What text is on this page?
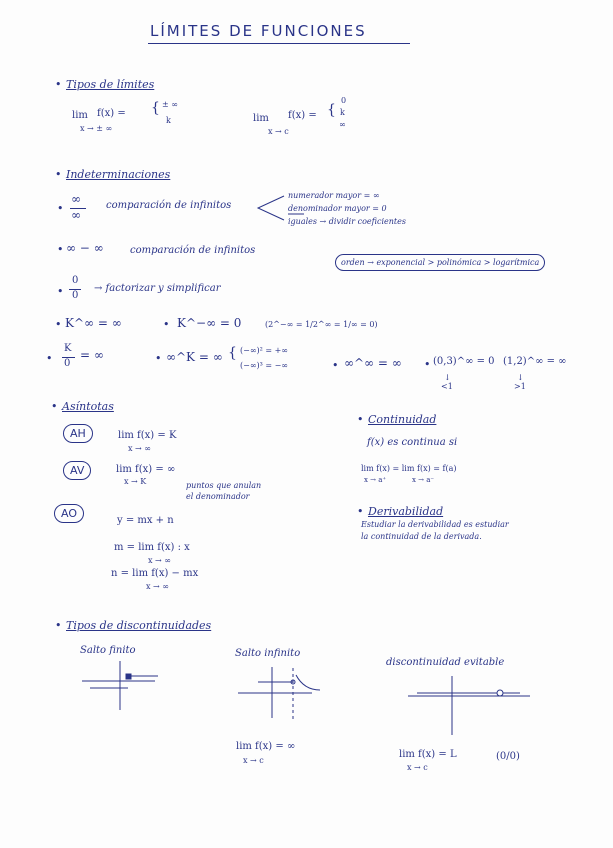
LÍMITES DE FUNCIONES
• Tipos de límites
lim f(x) =
x → ± ∞
{ ± ∞
k	lim f(x) =
x → c
{
0
k
∞
• Indeterminaciones
•
∞
∞
comparación de infinitos
numerador mayor = ∞
denominador mayor = 0
iguales → dividir coeficientes
• ∞ − ∞	comparación de infinitos
orden → exponencial > polinómica > logarítmica
•
0
0
→ factorizar y simplificar
• K^∞ = ∞	• K^−∞ = 0	(2^−∞ = 1/2^∞ = 1/∞ = 0)
•
K
0
= ∞	• ∞^K = ∞ { (−∞)² = +∞
(−∞)³ = −∞	• ∞^∞ = ∞ • (0,3)^∞ = 0
↓
<1
(1,2)^∞ = ∞
↓
>1
• Asíntotas
AH	lim f(x) = K
x → ∞
AV	lim f(x) = ∞
x → K	puntos que anulan
el denominador
AO
y = mx + n
m = lim f(x) : x
x → ∞
n = lim f(x) − mx
x → ∞
• Continuidad
f(x) es continua si
lim f(x) = lim f(x) = f(a)
x → a⁺	x → a⁻
• Derivabilidad
Estudiar la derivabilidad es estudiar
la continuidad de la derivada.
• Tipos de discontinuidades
Salto finito	Salto infinito
discontinuidad evitable
lim f(x) = ∞
x → c
lim f(x) = L
x → c
(0/0)
